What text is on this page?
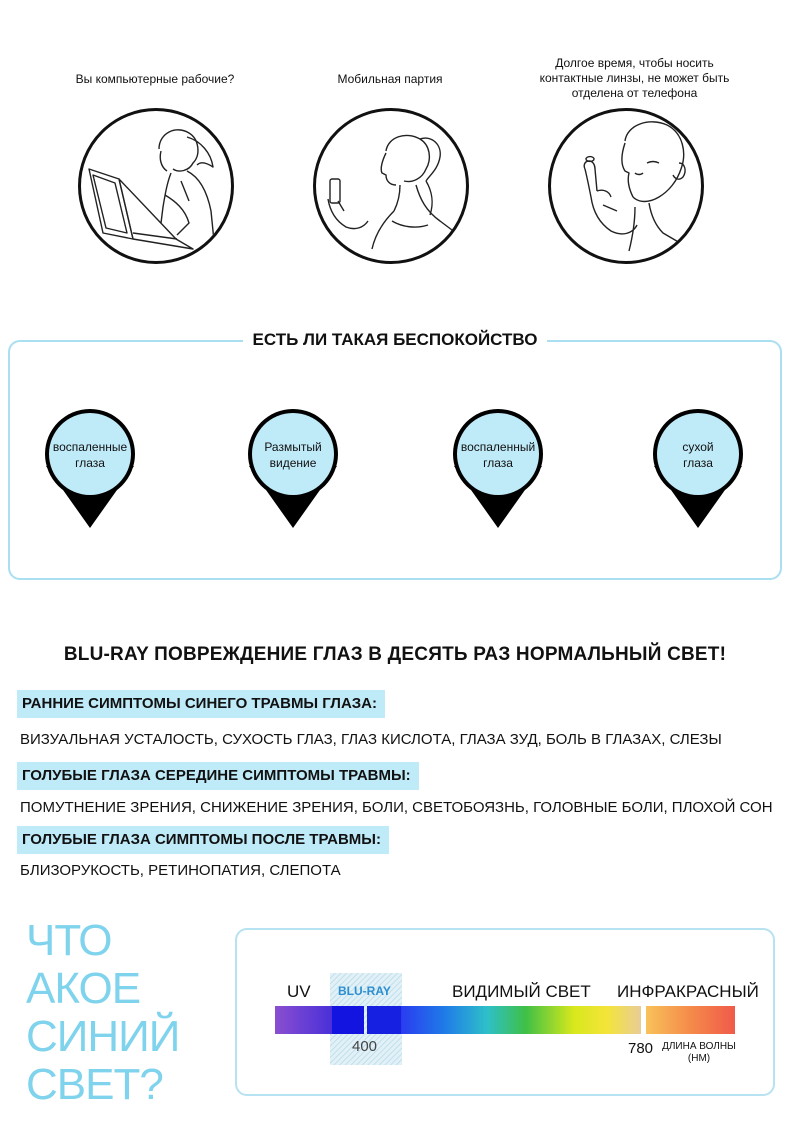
Вы компьютерные рабочие?	Мобильная партия
Долгое время, чтобы носить контактные линзы, не может быть отделена от телефона
ЕСТЬ ЛИ ТАКАЯ БЕСПОКОЙСТВО
воспаленные
глаза
Размытый
видение
воспаленный
глаза
сухой
глаза
BLU-RAY ПОВРЕЖДЕНИЕ ГЛАЗ В ДЕСЯТЬ РАЗ НОРМАЛЬНЫЙ СВЕТ!
РАННИЕ СИМПТОМЫ СИНЕГО ТРАВМЫ ГЛАЗА:
ВИЗУАЛЬНАЯ УСТАЛОСТЬ, СУХОСТЬ ГЛАЗ, ГЛАЗ КИСЛОТА, ГЛАЗА ЗУД, БОЛЬ В ГЛАЗАХ, СЛЕЗЫ
ГОЛУБЫЕ ГЛАЗА СЕРЕДИНЕ СИМПТОМЫ ТРАВМЫ:
ПОМУТНЕНИЕ ЗРЕНИЯ, СНИЖЕНИЕ ЗРЕНИЯ, БОЛИ, СВЕТОБОЯЗНЬ, ГОЛОВНЫЕ БОЛИ, ПЛОХОЙ СОН
ГОЛУБЫЕ ГЛАЗА СИМПТОМЫ ПОСЛЕ ТРАВМЫ:
БЛИЗОРУКОСТЬ, РЕТИНОПАТИЯ, СЛЕПОТА
ЧТО
АКОЕ
СИНИЙ
СВЕТ?
UV BLU-RAY	ВИДИМЫЙ СВЕТ ИНФРАКРАСНЫЙ
400	780 ДЛИНА ВОЛНЫ
(НМ)
